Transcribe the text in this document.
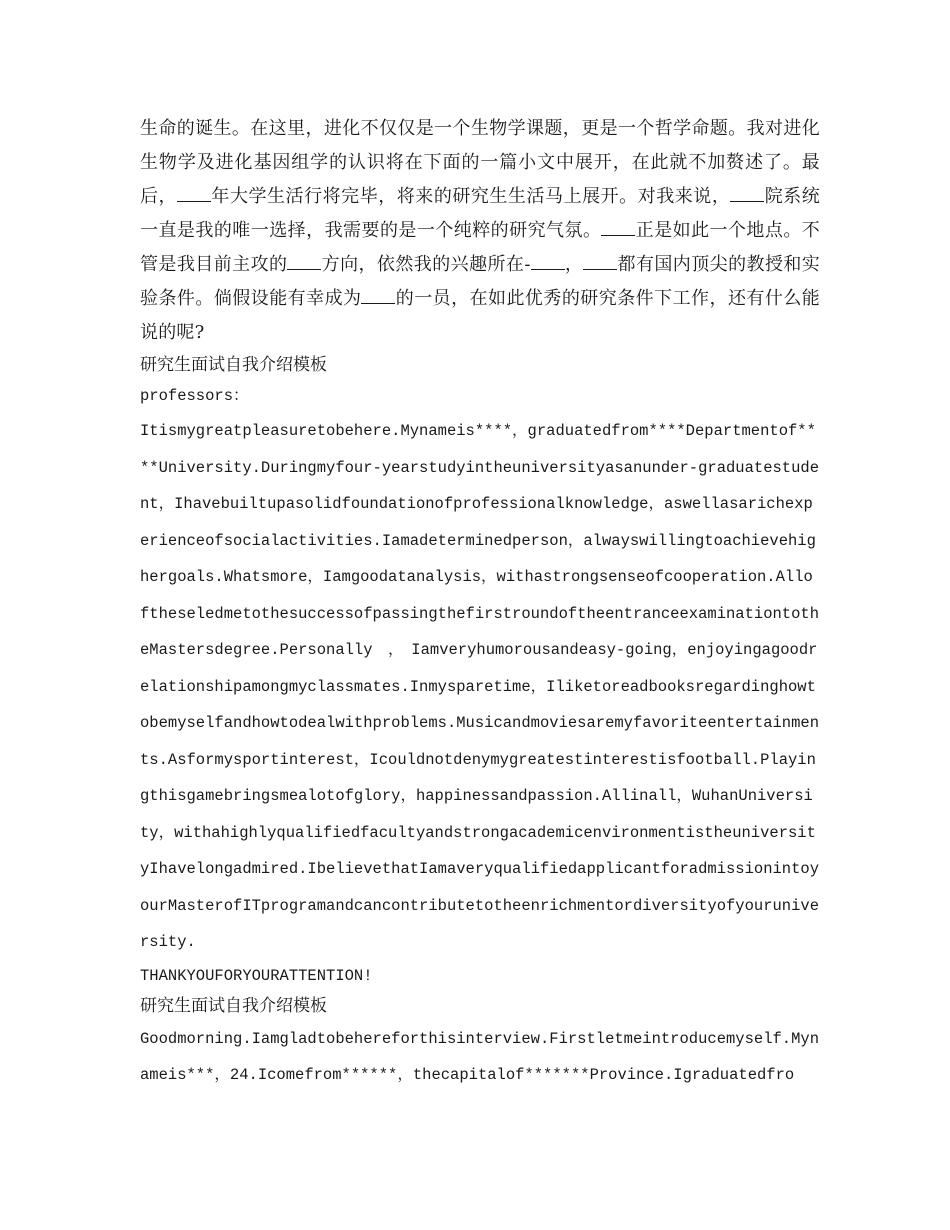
生命的诞生。在这里，进化不仅仅是一个生物学课题，更是一个哲学命题。我对进化生物学及进化基因组学的认识将在下面的一篇小文中展开，在此就不加赘述了。最后， 年大学生活行将完毕，将来的研究生生活马上展开。对我来说， 院系统一直是我的唯一选择，我需要的是一个纯粹的研究气氛。 正是如此一个地点。不管是我目前主攻的 方向，依然我的兴趣所在- ， 都有国内顶尖的教授和实验条件。倘假设能有幸成为 的一员，在如此优秀的研究条件下工作，还有什么能说的呢?

研究生面试自我介绍模板

professors：

Itismygreatpleasuretobehere.Mynameis****，graduatedfrom****Departmentof****University.Duringmyfour-yearstudyintheuniversityasanunder-graduatestudent，Ihavebuiltupasolidfoundationofprofessionalknowledge，aswellasarichexperienceofsocialactivities.Iamadeterminedperson，alwayswillingtoachievehighergoals.Whatsmore，Iamgoodatanalysis，withastrongsenseofcooperation.AlloftheseledmetothesuccessofpassingthefirstroundoftheentranceexaminationtotheMastersdegree.Personally　，　Iamveryhumorousandeasy-going，enjoyingagoodrelationshipamongmyclassmates.Inmysparetime，Iliketoreadbooksregardinghowtobemyselfandhowtodealwithproblems.Musicandmoviesaremyfavoriteentertainments.Asformysportinterest，Icouldnotdenymygreatestinterestisfootball.Playingthisgamebringsmealotofglory，happinessandpassion.Allinall，WuhanUniversity，withahighlyqualifiedfacultyandstrongacademicenvironmentistheuniversityIhavelongadmired.IbelievethatIamaveryqualifiedapplicantforadmissionintoyourMasterofITprogramandcancontributetotheenrichmentordiversityofyouruniversity.

THANKYOUFORYOURATTENTION!

研究生面试自我介绍模板

Goodmorning.Iamgladtobehereforthisinterview.Firstletmeintroducemyself.Mynameis***，24.Icomefrom******，thecapitalof*******Province.Igraduatedfro
